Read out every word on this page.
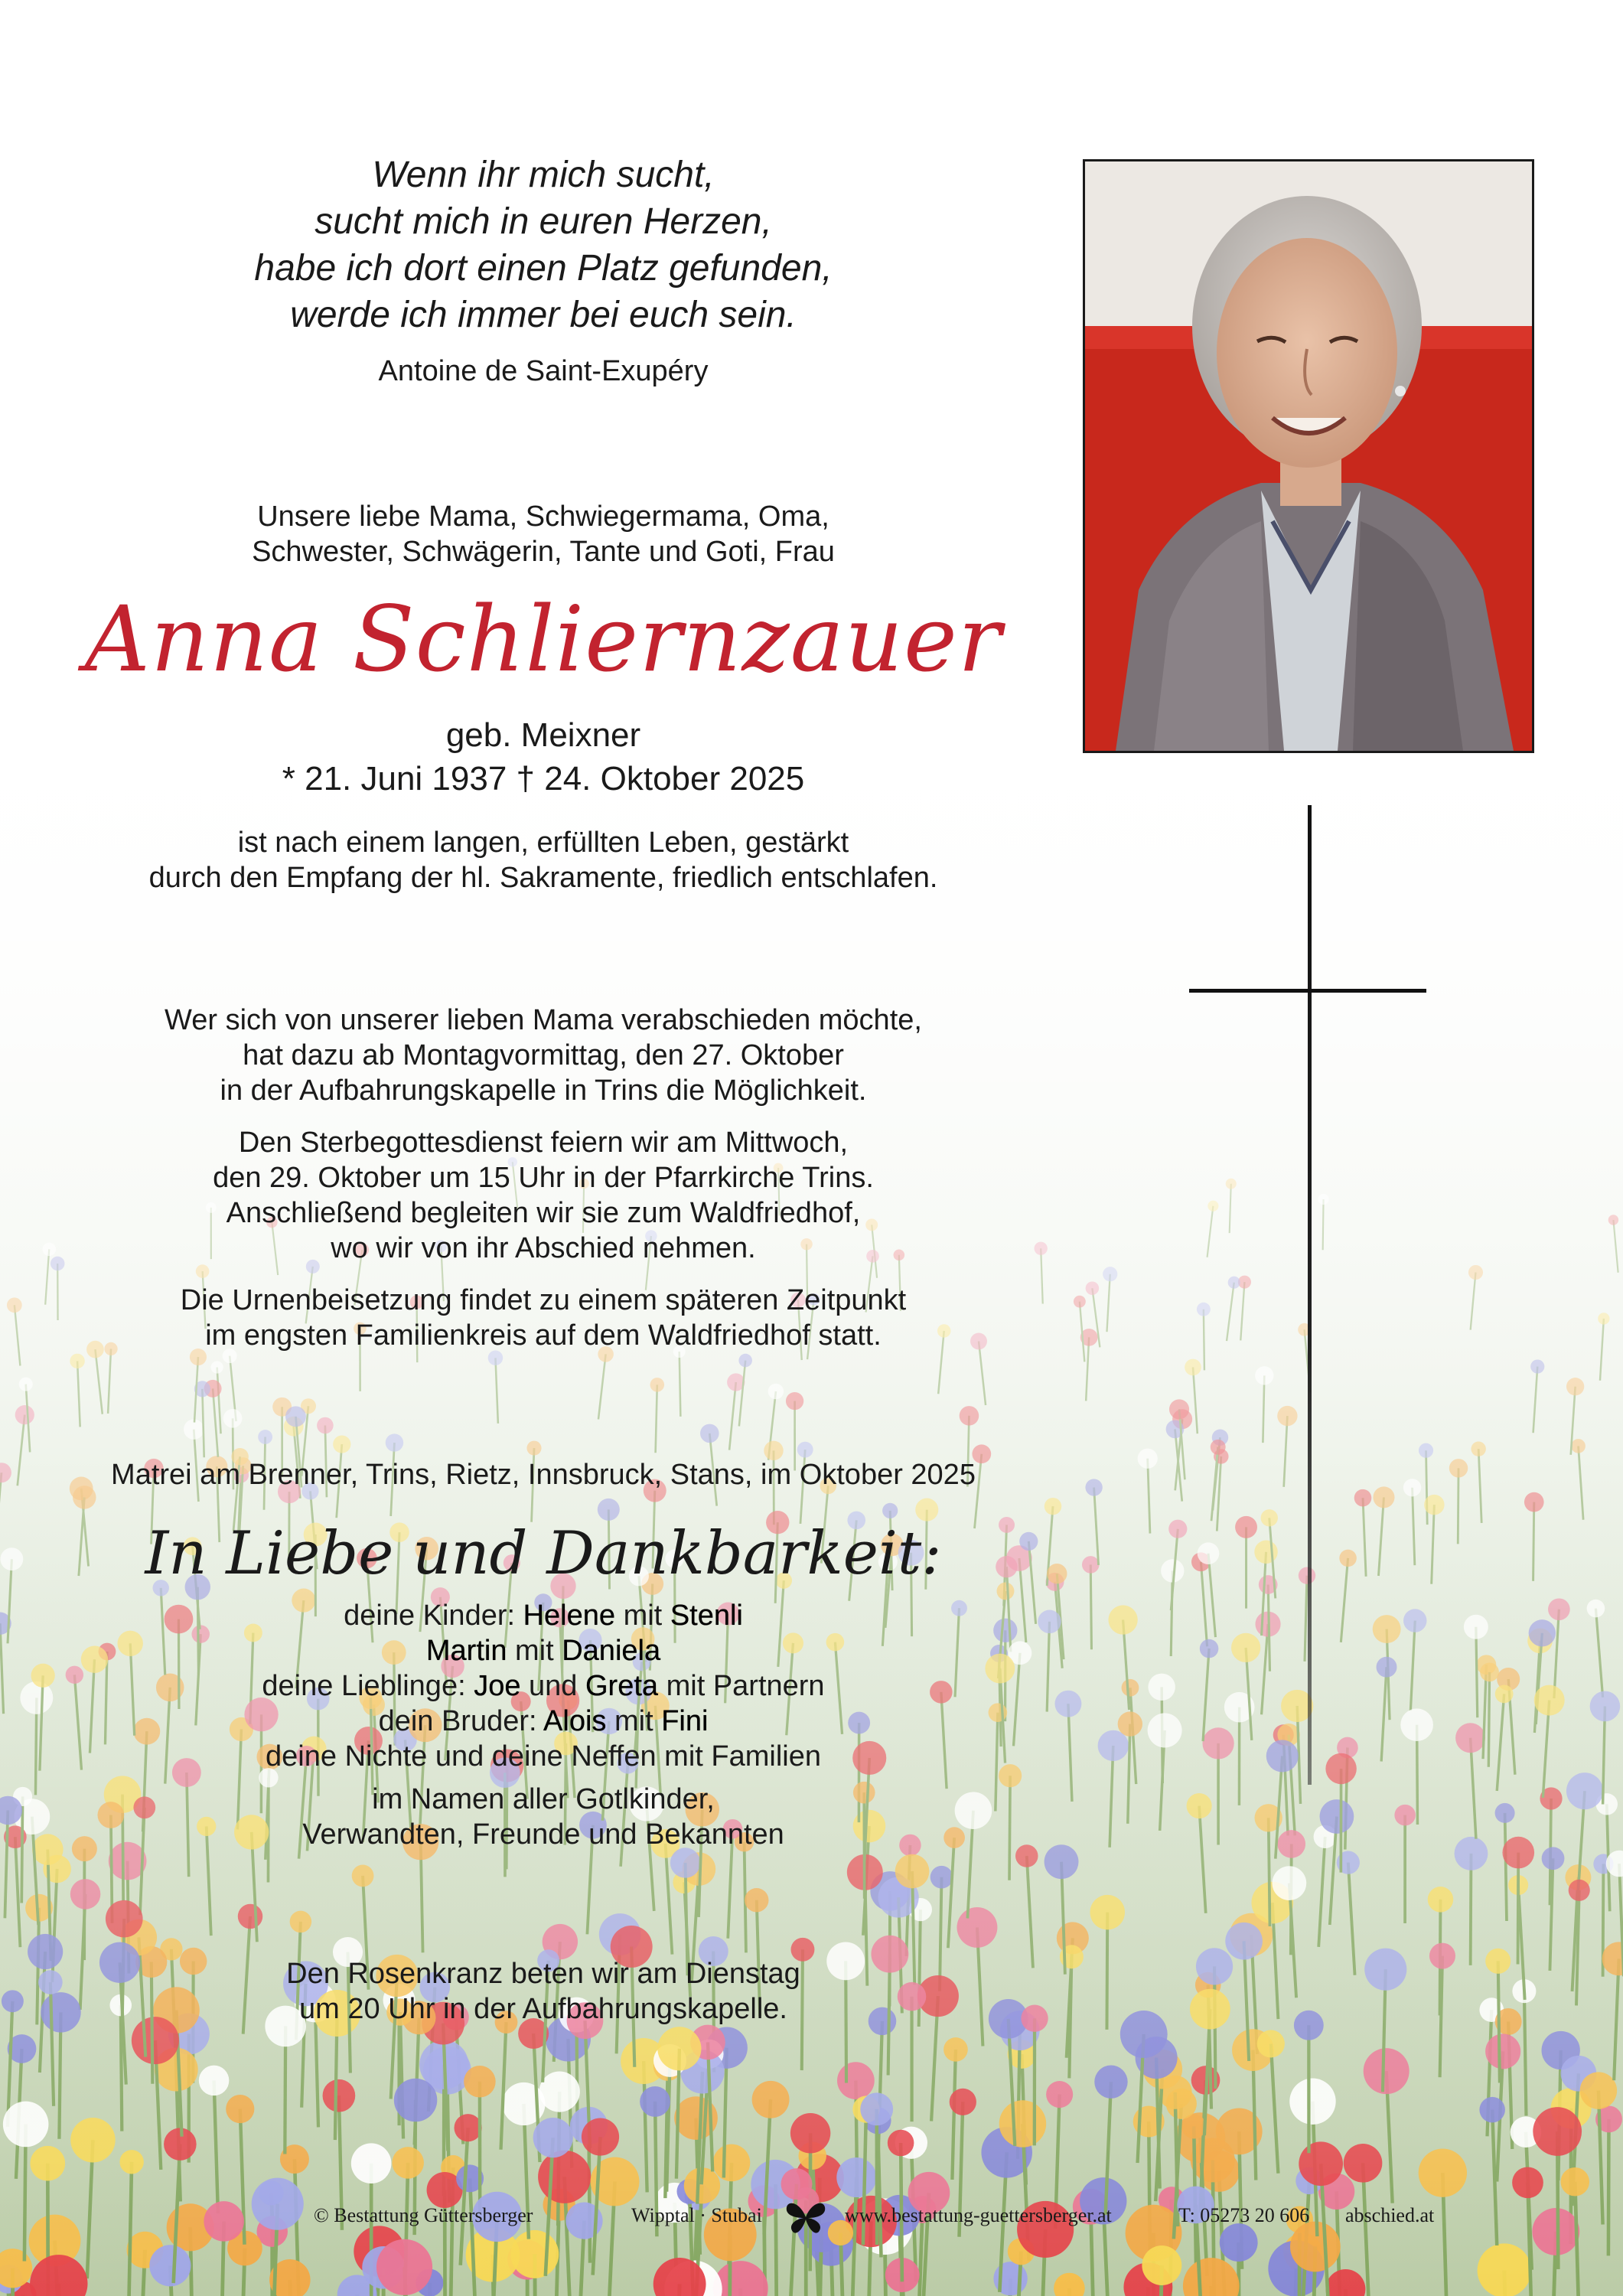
Wenn ihr mich sucht,
sucht mich in euren Herzen,
habe ich dort einen Platz gefunden,
werde ich immer bei euch sein.
Antoine de Saint-Exupéry
Unsere liebe Mama, Schwiegermama, Oma,
Schwester, Schwägerin, Tante und Goti, Frau
Anna Schliernzauer
geb. Meixner
* 21. Juni 1937 † 24. Oktober 2025
ist nach einem langen, erfüllten Leben, gestärkt
durch den Empfang der hl. Sakramente, friedlich entschlafen.
Wer sich von unserer lieben Mama verabschieden möchte,
hat dazu ab Montagvormittag, den 27. Oktober
in der Aufbahrungskapelle in Trins die Möglichkeit.
Den Sterbegottesdienst feiern wir am Mittwoch,
den 29. Oktober um 15 Uhr in der Pfarrkirche Trins.
Anschließend begleiten wir sie zum Waldfriedhof,
wo wir von ihr Abschied nehmen.
Die Urnenbeisetzung findet zu einem späteren Zeitpunkt
im engsten Familienkreis auf dem Waldfriedhof statt.
Matrei am Brenner, Trins, Rietz, Innsbruck, Stans, im Oktober 2025
In Liebe und Dankbarkeit:
deine Kinder: Helene mit Stenli
Martin mit Daniela
deine Lieblinge: Joe und Greta mit Partnern
dein Bruder: Alois mit Fini
deine Nichte und deine Neffen mit Familien
im Namen aller Gotlkinder,
Verwandten, Freunde und Bekannten
Den Rosenkranz beten wir am Dienstag
um 20 Uhr in der Aufbahrungskapelle.
© Bestattung Güttersberger	Wipptal · Stubai	www.bestattung-guettersberger.at	T: 05273 20 606 abschied.at
